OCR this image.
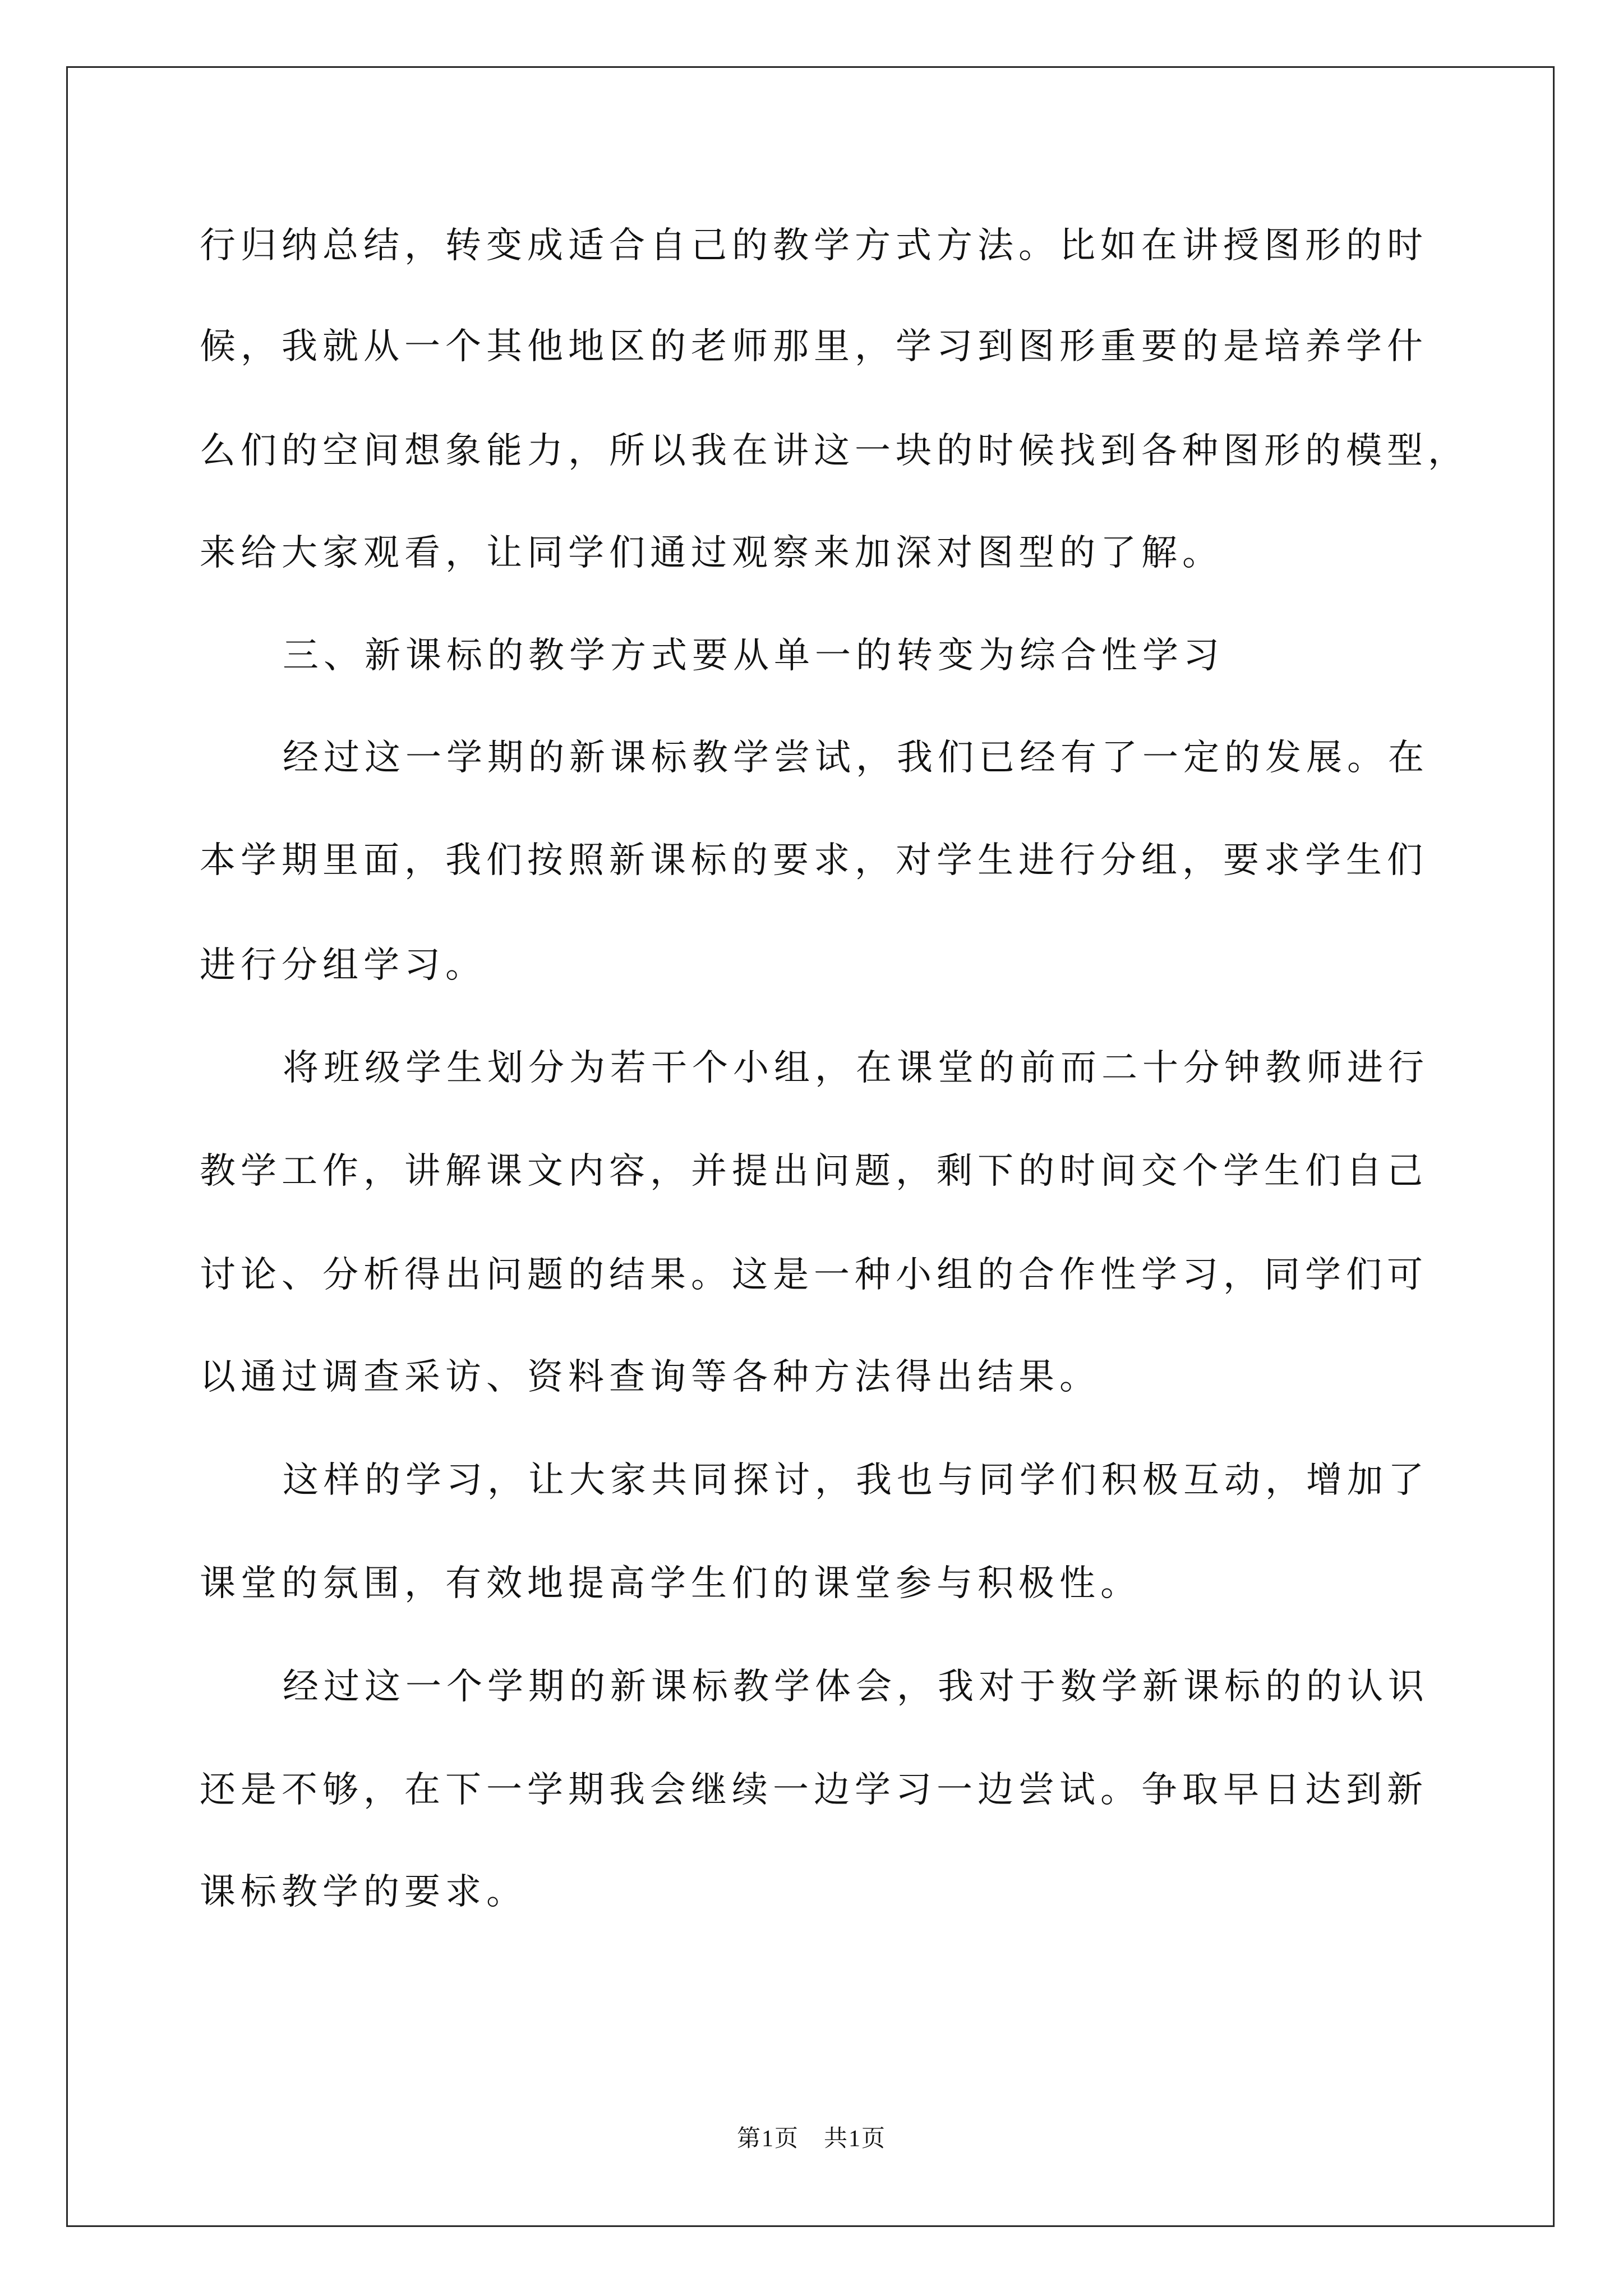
行归纳总结，转变成适合自己的教学方式方法。比如在讲授图形的时
候，我就从一个其他地区的老师那里，学习到图形重要的是培养学什
么们的空间想象能力，所以我在讲这一块的时候找到各种图形的模型，
来给大家观看，让同学们通过观察来加深对图型的了解。
三、新课标的教学方式要从单一的转变为综合性学习
经过这一学期的新课标教学尝试，我们已经有了一定的发展。在
本学期里面，我们按照新课标的要求，对学生进行分组，要求学生们
进行分组学习。
将班级学生划分为若干个小组，在课堂的前而二十分钟教师进行
教学工作，讲解课文内容，并提出问题，剩下的时间交个学生们自己
讨论、分析得出问题的结果。这是一种小组的合作性学习，同学们可
以通过调查采访、资料查询等各种方法得出结果。
这样的学习，让大家共同探讨，我也与同学们积极互动，增加了
课堂的氛围，有效地提高学生们的课堂参与积极性。
经过这一个学期的新课标教学体会，我对于数学新课标的的认识
还是不够，在下一学期我会继续一边学习一边尝试。争取早日达到新
课标教学的要求。
第1页　共1页
